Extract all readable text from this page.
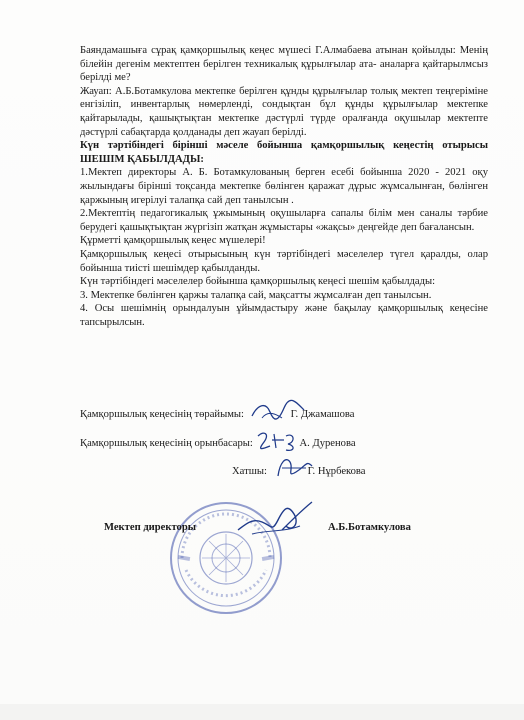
Баяндамашыға сұрақ қамқоршылық кеңес мүшесі Г.Алмабаева атынан қойылды: Менің білейін дегенім мектептен берілген техникалық құрылғылар ата- аналарға қайтарылмсыз берілді ме?

Жауап: А.Б.Ботамкулова мектепке берілген құнды құрылғылар толық мектеп теңгеріміне енгізіліп, инвентарлық нөмерленді, сондықтан бұл құнды құрылғылар мектепке қайтарылады, қашықтықтан мектепке дәстүрлі түрде оралғанда оқушылар мектепте дәстүрлі сабақтарда қолданады деп жауап берілді.

Күн тәртібіндегі бірінші мәселе бойынша қамқоршылық кеңестің отырысы ШЕШІМ ҚАБЫЛДАДЫ:

1.Мектеп директоры А. Б. Ботамкулованың берген есебі бойынша 2020 - 2021 оқу жылындағы бірінші тоқсанда мектепке бөлінген қаражат дұрыс жұмсалынған, бөлінген қаржының игерілуі талапқа сай деп танылсын .

2.Мектептің педагогикалық ұжымының оқушыларға сапалы білім мен саналы тәрбие берудегі қашықтықтан жүргізіп жатқан жұмыстары «жақсы» деңгейде деп бағалансын.

Құрметті қамқоршылық кеңес мүшелері!

Қамқоршылық кеңесі отырысының күн тәртібіндегі мәселелер түгел қаралды, олар бойынша тиісті шешімдер қабылданды.

Күн тәртібіндегі мәселелер бойынша қамқоршылық кеңесі шешім қабылдады:

3. Мектепке бөлінген қаржы талапқа сай, мақсатты жұмсалған деп танылсын.

4. Осы шешімнің орындалуын ұйымдастыру және бақылау қамқоршылық кеңесіне тапсырылсын.

Қамқоршылық кеңесінің төрайымы:	Г. Джамашова
Қамқоршылық кеңесінің орынбасары:	А. Дуренова
Хатшы:	Г. Нұрбекова
Мектеп директоры	А.Б.Ботамкулова
